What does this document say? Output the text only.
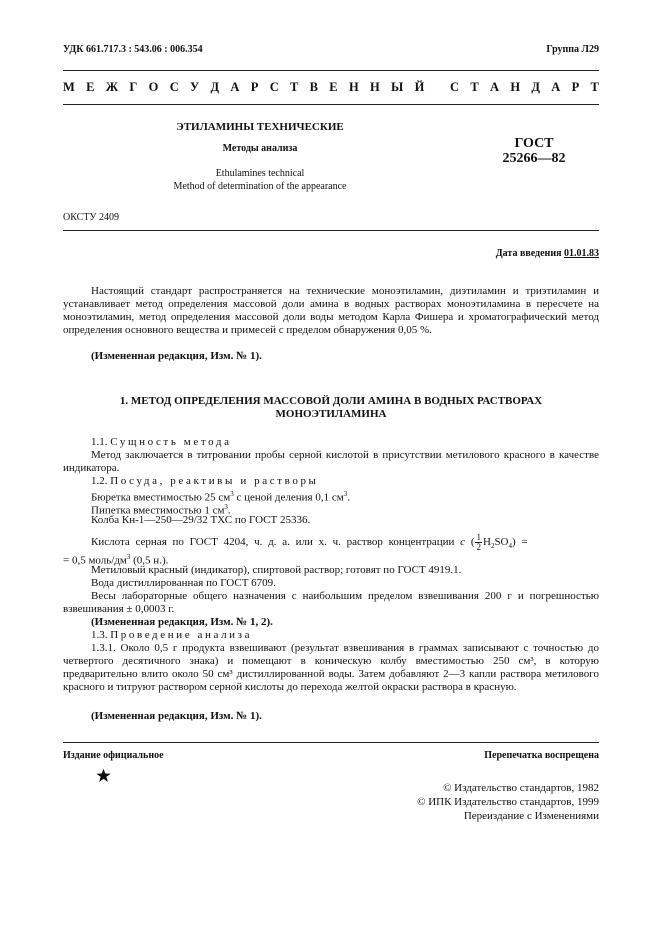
УДК 661.717.3 : 543.06 : 006.354	Группа Л29
М Е Ж Г О С У Д А Р С Т В Е Н Н Ы Й
С Т А Н Д А Р Т
ЭТИЛАМИНЫ ТЕХНИЧЕСКИЕ
Методы анализа
Ethulamines technical
Method of determination of the appearance
ГОСТ
25266—82
ОКСТУ 2409
Дата введения 01.01.83
Настоящий стандарт распространяется на технические моноэтиламин, диэтиламин и триэтиламин и устанавливает метод определения массовой доли амина в водных растворах моноэтиламина в пересчете на моноэтиламин, метод определения массовой доли воды методом Карла Фишера и хроматографический метод определения основного вещества и примесей с пределом обнаружения 0,05 %.
(Измененная редакция, Изм. № 1).
1. МЕТОД ОПРЕДЕЛЕНИЯ МАССОВОЙ ДОЛИ АМИНА В ВОДНЫХ РАСТВОРАХ
МОНОЭТИЛАМИНА
1.1. Сущность метода
Метод заключается в титровании пробы серной кислотой в присутствии метилового красного в качестве индикатора.
1.2. Посуда, реактивы и растворы
Бюретка вместимостью 25 $см^3$ с ценой деления 0,1 $см^3$.
Пипетка вместимостью 1 $см^3$.
Колба Кн-1—250—29/32 ТХС по ГОСТ 25336.
Кислота серная по ГОСТ 4204, ч. д. а. или х. ч. раствор концентрации c ( $\frac{1}{2}H_2SO_4$) =
= 0,5 моль/$дм^3$ (0,5 н.).
Метиловый красный (индикатор), спиртовой раствор; готовят по ГОСТ 4919.1.
Вода дистиллированная по ГОСТ 6709.
Весы лабораторные общего назначения с наибольшим пределом взвешивания 200 г и погрешностью взвешивания ± 0,0003 г.
(Измененная редакция, Изм. № 1, 2).
1.3. Проведение анализа
1.3.1. Около 0,5 г продукта взвешивают (результат взвешивания в граммах записывают с точностью до четвертого десятичного знака) и помещают в коническую колбу вместимостью 250 см³, в которую предварительно влито около 50 см³ дистиллированной воды. Затем добавляют 2—3 капли раствора метилового красного и титруют раствором серной кислоты до перехода желтой окраски раствора в красную.
(Измененная редакция, Изм. № 1).
Издание официальное	Перепечатка воспрещена
© Издательство стандартов, 1982
© ИПК Издательство стандартов, 1999
Переиздание с Изменениями
